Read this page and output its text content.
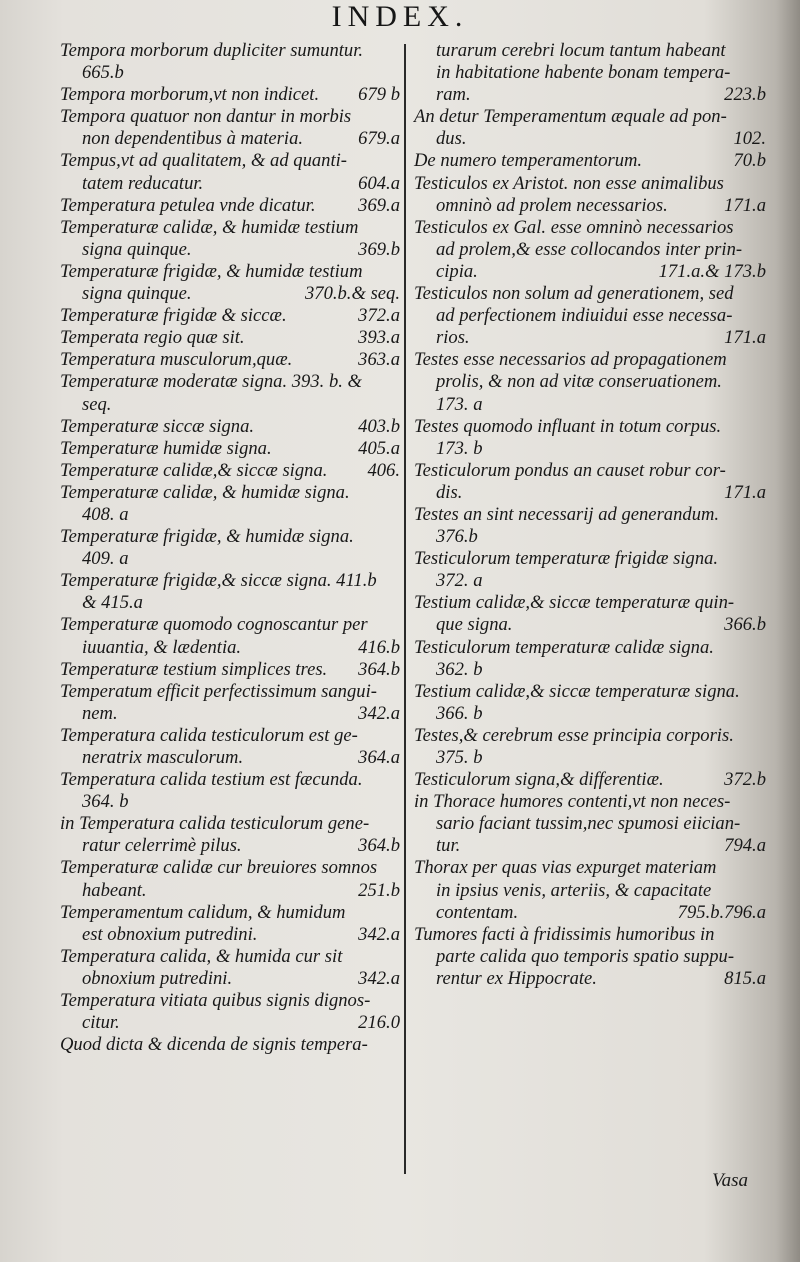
INDEX.
Tempora morborum dupliciter sumuntur.
665.b
Tempora morborum,vt non indicet.	679 b
Tempora quatuor non dantur in morbis
non dependentibus à materia.	679.a
Tempus,vt ad qualitatem, & ad quanti-
tatem reducatur.	604.a
Temperatura petulea vnde dicatur.	369.a
Temperaturæ calidæ, & humidæ testium
signa quinque.	369.b
Temperaturæ frigidæ, & humidæ testium
signa quinque.	370.b.& seq.
Temperaturæ frigidæ & siccæ.	372.a
Temperata regio quæ sit.	393.a
Temperatura musculorum,quæ.	363.a
Temperaturæ moderatæ signa. 393. b. &
seq.
Temperaturæ siccæ signa.	403.b
Temperaturæ humidæ signa.	405.a
Temperaturæ calidæ,& siccæ signa.	406.
Temperaturæ calidæ, & humidæ signa.
408. a
Temperaturæ frigidæ, & humidæ signa.
409. a
Temperaturæ frigidæ,& siccæ signa. 411.b
& 415.a
Temperaturæ quomodo cognoscantur per
iuuantia, & lædentia.	416.b
Temperaturæ testium simplices tres.	364.b
Temperatum efficit perfectissimum sangui-
nem.	342.a
Temperatura calida testiculorum est ge-
neratrix masculorum.	364.a
Temperatura calida testium est fæcunda.
364. b
in Temperatura calida testiculorum gene-
ratur celerrimè pilus.	364.b
Temperaturæ calidæ cur breuiores somnos
habeant.	251.b
Temperamentum calidum, & humidum
est obnoxium putredini.	342.a
Temperatura calida, & humida cur sit
obnoxium putredini.	342.a
Temperatura vitiata quibus signis dignos-
citur.	216.0
Quod dicta & dicenda de signis tempera-
turarum cerebri locum tantum habeant
in habitatione habente bonam tempera-
ram.	223.b
An detur Temperamentum æquale ad pon-
dus.	102.
De numero temperamentorum.	70.b
Testiculos ex Aristot. non esse animalibus
omninò ad prolem necessarios.	171.a
Testiculos ex Gal. esse omninò necessarios
ad prolem,& esse collocandos inter prin-
cipia.	171.a.& 173.b
Testiculos non solum ad generationem, sed
ad perfectionem indiuidui esse necessa-
rios.	171.a
Testes esse necessarios ad propagationem
prolis, & non ad vitæ conseruationem.
173. a
Testes quomodo influant in totum corpus.
173. b
Testiculorum pondus an causet robur cor-
dis.	171.a
Testes an sint necessarij ad generandum.
376.b
Testiculorum temperaturæ frigidæ signa.
372. a
Testium calidæ,& siccæ temperaturæ quin-
que signa.	366.b
Testiculorum temperaturæ calidæ signa.
362. b
Testium calidæ,& siccæ temperaturæ signa.
366. b
Testes,& cerebrum esse principia corporis.
375. b
Testiculorum signa,& differentiæ.	372.b
in Thorace humores contenti,vt non neces-
sario faciant tussim,nec spumosi eiician-
tur.	794.a
Thorax per quas vias expurget materiam
in ipsius venis, arteriis, & capacitate
contentam.	795.b.796.a
Tumores facti à fridissimis humoribus in
parte calida quo temporis spatio suppu-
rentur ex Hippocrate.	815.a
Vasa
